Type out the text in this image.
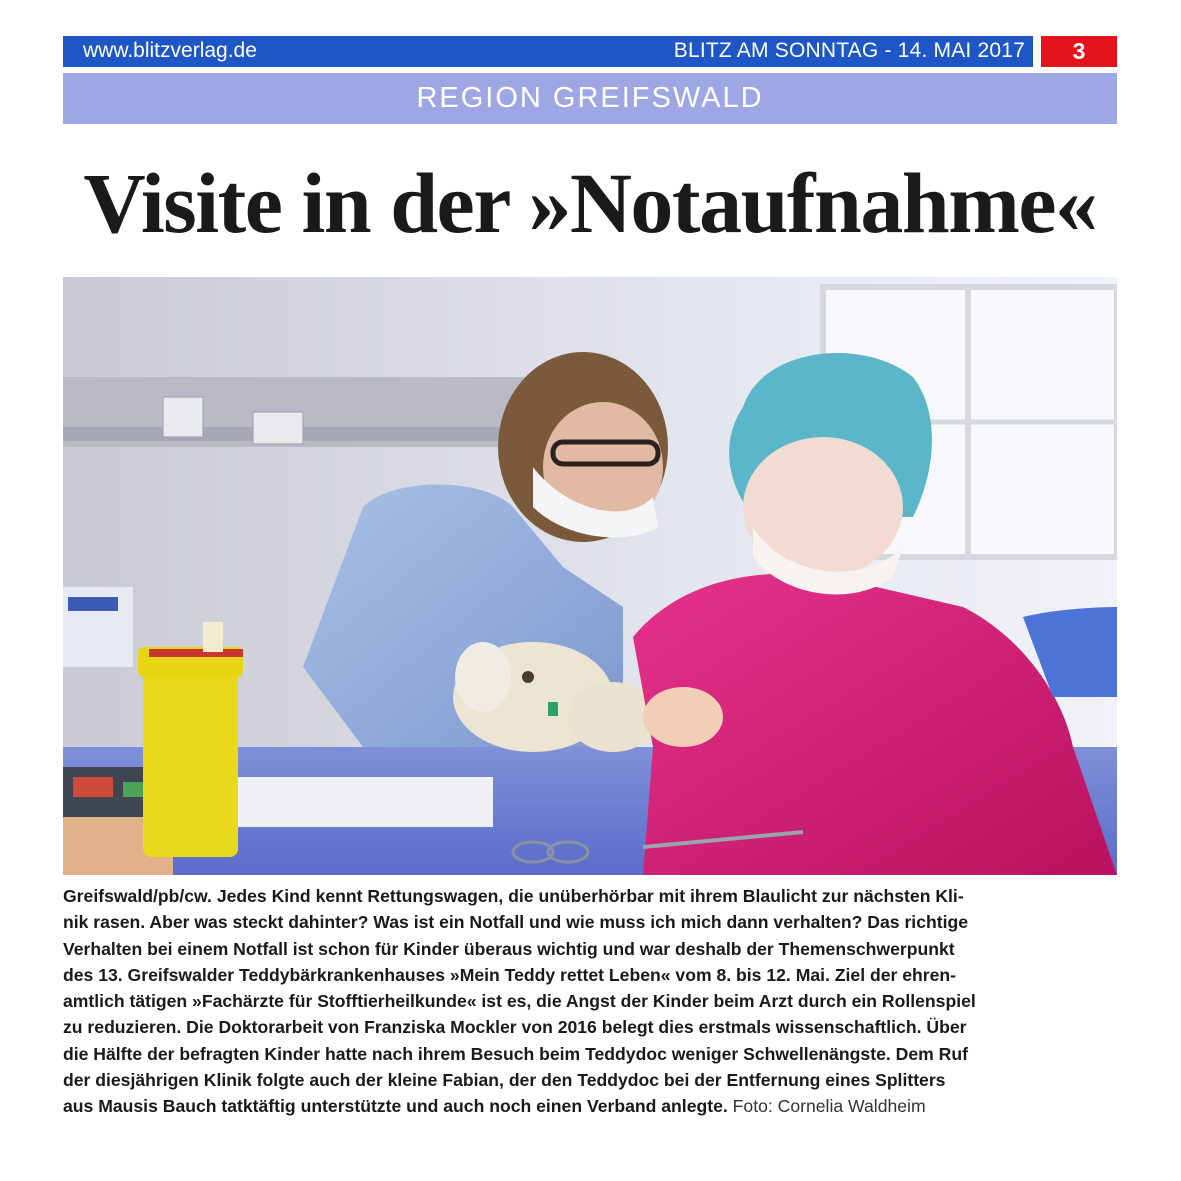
www.blitzverlag.de	BLITZ AM SONNTAG - 14. MAI 2017	3
REGION GREIFSWALD
Visite in der »Notaufnahme«
Greifswald/pb/cw. Jedes Kind kennt Rettungswagen, die unüberhörbar mit ihrem Blaulicht zur nächsten Kli-
nik rasen. Aber was steckt dahinter? Was ist ein Notfall und wie muss ich mich dann verhalten? Das richtige
Verhalten bei einem Notfall ist schon für Kinder überaus wichtig und war deshalb der Themenschwerpunkt
des 13. Greifswalder Teddybärkrankenhauses »Mein Teddy rettet Leben« vom 8. bis 12. Mai. Ziel der ehren-
amtlich tätigen »Fachärzte für Stofftierheilkunde« ist es, die Angst der Kinder beim Arzt durch ein Rollenspiel
zu reduzieren. Die Doktorarbeit von Franziska Mockler von 2016 belegt dies erstmals wissenschaftlich. Über
die Hälfte der befragten Kinder hatte nach ihrem Besuch beim Teddydoc weniger Schwellenängste. Dem Ruf
der diesjährigen Klinik folgte auch der kleine Fabian, der den Teddydoc bei der Entfernung eines Splitters
aus Mausis Bauch tatktäftig unterstützte und auch noch einen Verband anlegte. Foto: Cornelia Waldheim
